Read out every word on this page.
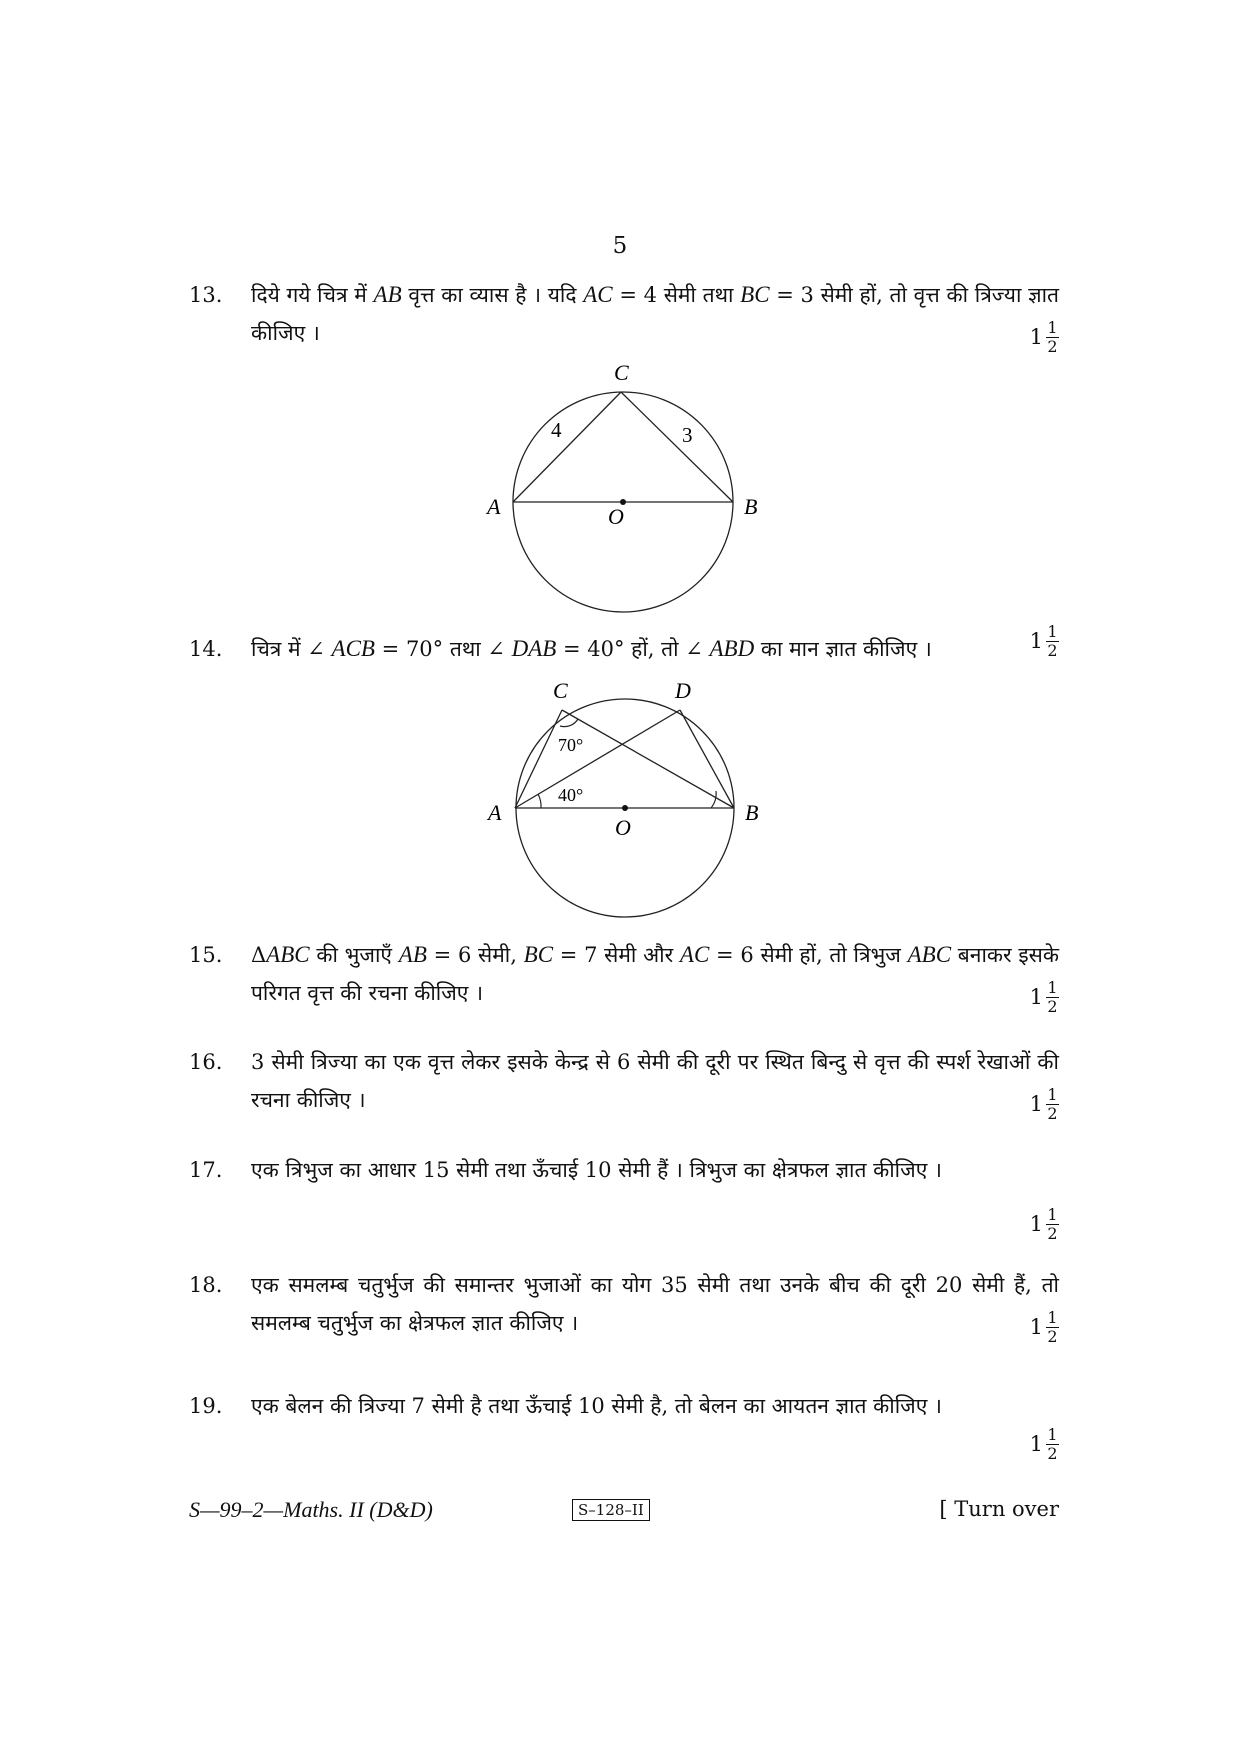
5
13. दिये गये चित्र में AB वृत्त का व्यास है । यदि AC = 4 सेमी तथा BC = 3 सेमी हों, तो वृत्त की त्रिज्या ज्ञात कीजिए ।	1 1
2
C
A	B
O
4	3
14. चित्र में ∠ ACB = 70° तथा ∠ DAB = 40° हों, तो ∠ ABD का मान ज्ञात कीजिए ।	1 1
2
C	D
A	B
O
70°
40°
15. ΔABC की भुजाएँ AB = 6 सेमी, BC = 7 सेमी और AC = 6 सेमी हों, तो त्रिभुज ABC बनाकर इसके परिगत वृत्त की रचना कीजिए ।	1 1
2
16. 3 सेमी त्रिज्या का एक वृत्त लेकर इसके केन्द्र से 6 सेमी की दूरी पर स्थित बिन्दु से वृत्त की स्पर्श रेखाओं की रचना कीजिए ।	1 1
2
17. एक त्रिभुज का आधार 15 सेमी तथा ऊँचाई 10 सेमी हैं । त्रिभुज का क्षेत्रफल ज्ञात कीजिए ।
1 1
2
18. एक समलम्ब चतुर्भुज की समान्तर भुजाओं का योग 35 सेमी तथा उनके बीच की दूरी 20 सेमी हैं, तो समलम्ब चतुर्भुज का क्षेत्रफल ज्ञात कीजिए ।	1 1
2
19. एक बेलन की त्रिज्या 7 सेमी है तथा ऊँचाई 10 सेमी है, तो बेलन का आयतन ज्ञात कीजिए ।
1 1
2
S—99–2—Maths. II (D&D)	S–128–II	[ Turn over
